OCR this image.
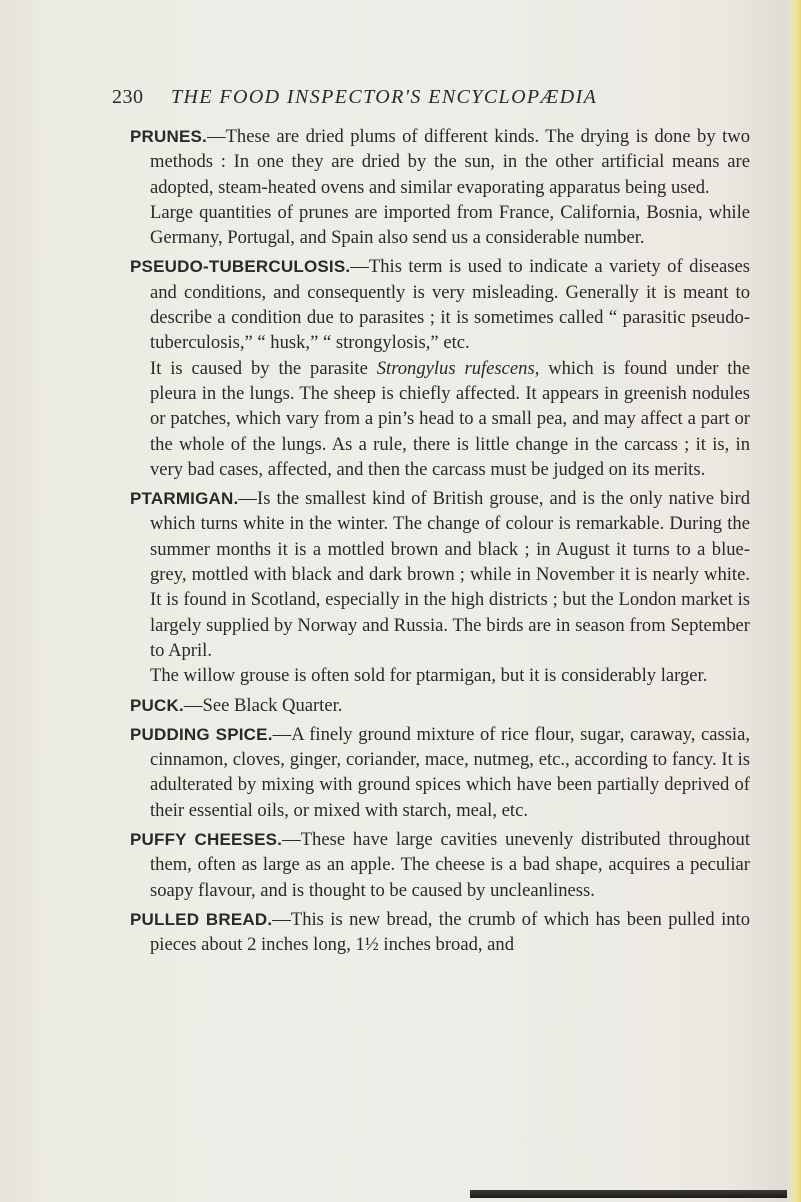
230 THE FOOD INSPECTOR'S ENCYCLOPÆDIA

PRUNES.—These are dried plums of different kinds. The drying is done by two methods : In one they are dried by the sun, in the other artificial means are adopted, steam-heated ovens and similar evaporating apparatus being used.

Large quantities of prunes are imported from France, California, Bosnia, while Germany, Portugal, and Spain also send us a considerable number.

PSEUDO-TUBERCULOSIS.—This term is used to indicate a variety of diseases and conditions, and consequently is very misleading. Generally it is meant to describe a condition due to parasites ; it is sometimes called “ parasitic pseudo-tuberculosis,” “ husk,” “ strongylosis,” etc.

It is caused by the parasite Strongylus rufescens, which is found under the pleura in the lungs. The sheep is chiefly affected. It appears in greenish nodules or patches, which vary from a pin’s head to a small pea, and may affect a part or the whole of the lungs. As a rule, there is little change in the carcass ; it is, in very bad cases, affected, and then the carcass must be judged on its merits.

PTARMIGAN.—Is the smallest kind of British grouse, and is the only native bird which turns white in the winter. The change of colour is remarkable. During the summer months it is a mottled brown and black ; in August it turns to a blue-grey, mottled with black and dark brown ; while in November it is nearly white. It is found in Scotland, especially in the high districts ; but the London market is largely supplied by Norway and Russia. The birds are in season from September to April.

The willow grouse is often sold for ptarmigan, but it is considerably larger.

PUCK.—See Black Quarter.

PUDDING SPICE.—A finely ground mixture of rice flour, sugar, caraway, cassia, cinnamon, cloves, ginger, coriander, mace, nutmeg, etc., according to fancy. It is adulterated by mixing with ground spices which have been partially deprived of their essential oils, or mixed with starch, meal, etc.

PUFFY CHEESES.—These have large cavities unevenly distributed throughout them, often as large as an apple. The cheese is a bad shape, acquires a peculiar soapy flavour, and is thought to be caused by uncleanliness.

PULLED BREAD.—This is new bread, the crumb of which has been pulled into pieces about 2 inches long, 1½ inches broad, and
